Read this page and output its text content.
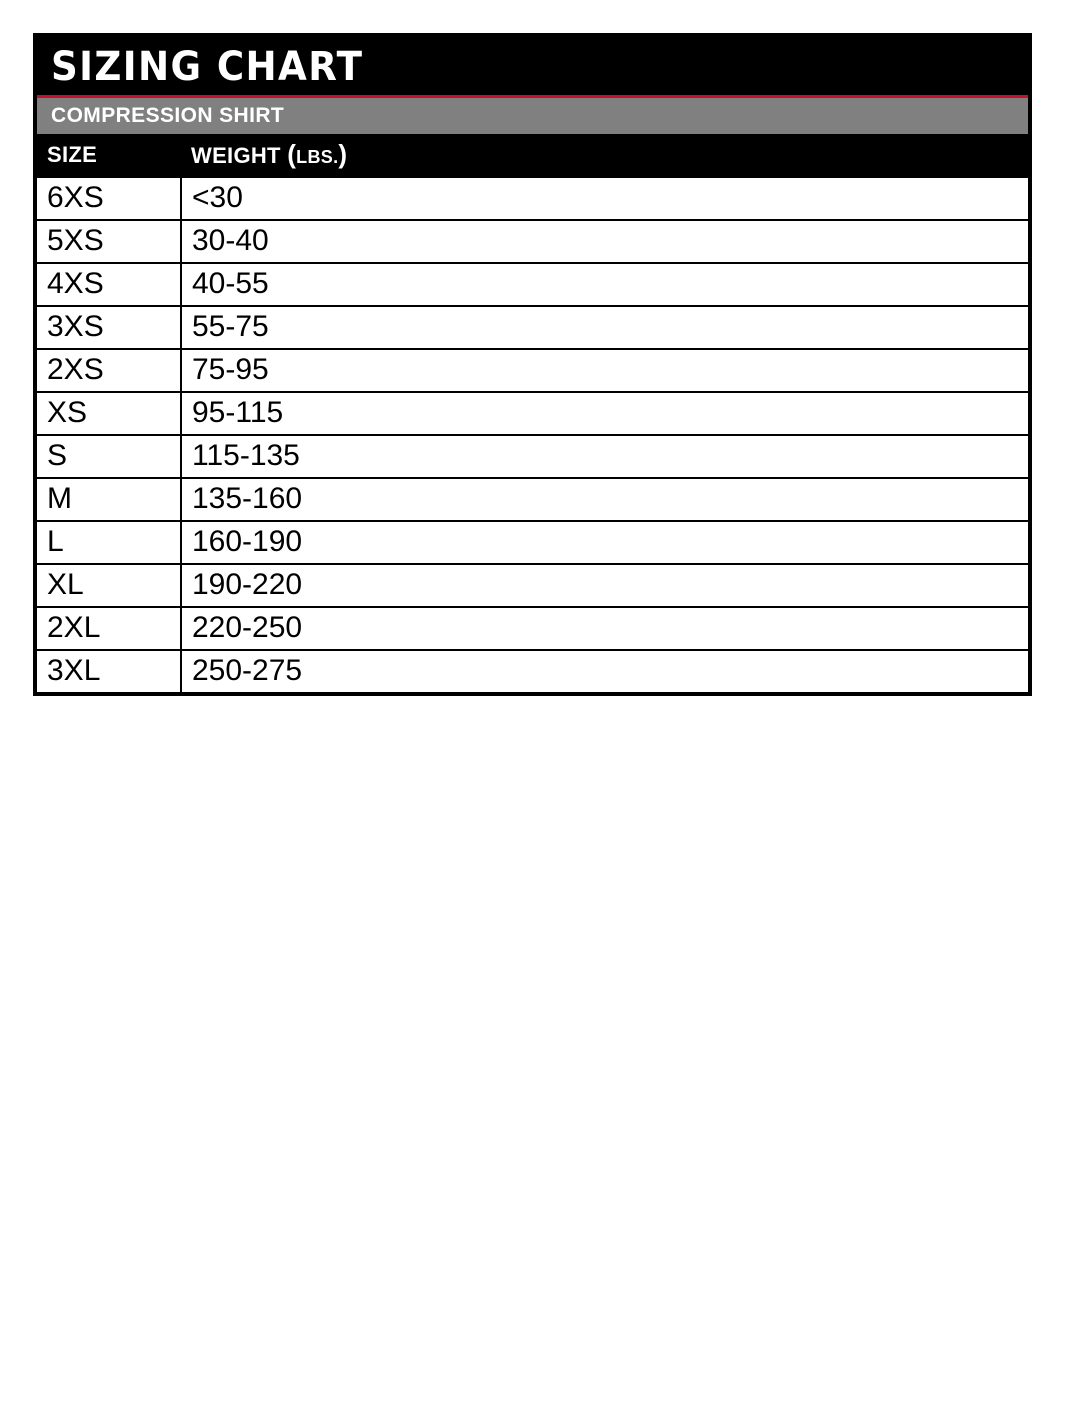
SIZING CHART
COMPRESSION SHIRT
SIZE	WEIGHT (LBS.)
6XS	<30
5XS	30-40
4XS	40-55
3XS	55-75
2XS	75-95
XS	95-115
S	115-135
M	135-160
L	160-190
XL	190-220
2XL	220-250
3XL	250-275
